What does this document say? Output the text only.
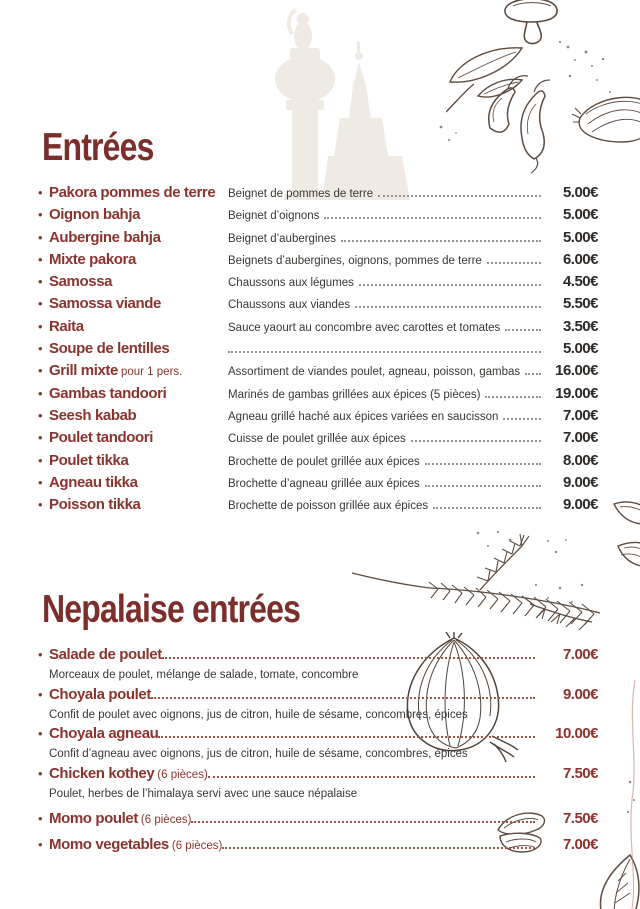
Entrées
• Pakora pommes de terre	Beignet de pommes de terre	5.00€
• Oignon bahja	Beignet d’oignons	5.00€
• Aubergine bahja	Beignet d’aubergines	5.00€
• Mixte pakora	Beignets d’aubergines, oignons, pommes de terre	6.00€
• Samossa	Chaussons aux légumes	4.50€
• Samossa viande	Chaussons aux viandes	5.50€
• Raita	Sauce yaourt au concombre avec carottes et tomates	3.50€
• Soupe de lentilles	5.00€
• Grill mixte pour 1 pers.	Assortiment de viandes poulet, agneau, poisson, gambas	16.00€
• Gambas tandoori	Marinés de gambas grillées aux épices (5 pièces)	19.00€
• Seesh kabab	Agneau grillé haché aux épices variées en saucisson	7.00€
• Poulet tandoori	Cuisse de poulet grillée aux épices	7.00€
• Poulet tikka	Brochette de poulet grillée aux épices	8.00€
• Agneau tikka	Brochette d’agneau grillée aux épices	9.00€
• Poisson tikka	Brochette de poisson grillée aux épices	9.00€
Nepalaise entrées
• Salade de poulet	7.00€
Morceaux de poulet, mélange de salade, tomate, concombre
• Choyala poulet	9.00€
Confit de poulet avec oignons, jus de citron, huile de sésame, concombres, épices
• Choyala agneau	10.00€
Confit d’agneau avec oignons, jus de citron, huile de sésame, concombres, épices
• Chicken kothey (6 pièces)	7.50€
Poulet, herbes de l’himalaya servi avec une sauce népalaise
• Momo poulet (6 pièces)	7.50€
• Momo vegetables (6 pièces)	7.00€
